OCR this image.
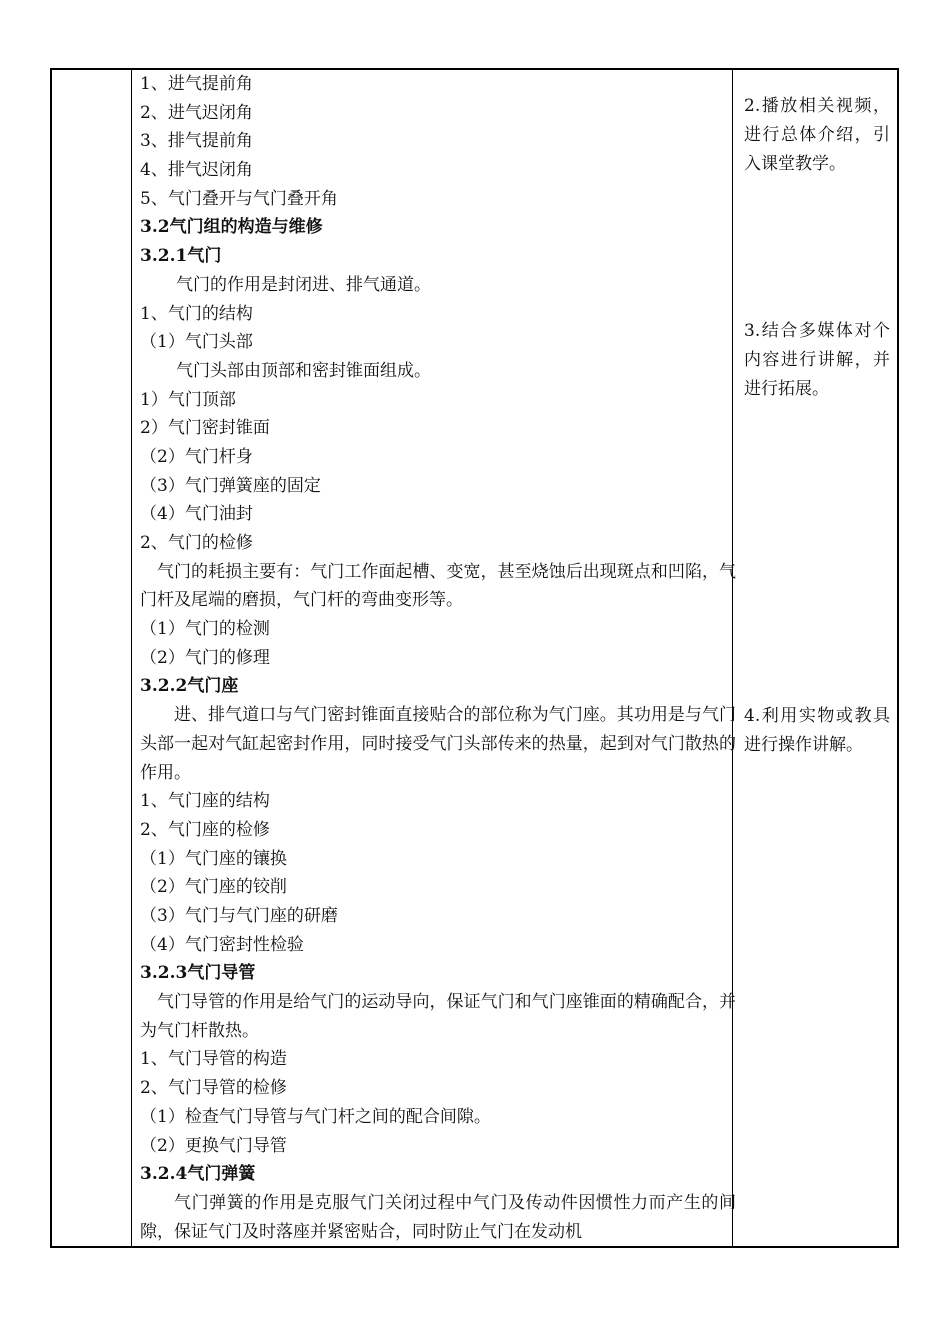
1、进气提前角
2、进气迟闭角
3、排气提前角
4、排气迟闭角
5、气门叠开与气门叠开角
3.2气门组的构造与维修
3.2.1气门
气门的作用是封闭进、排气通道。
1、气门的结构
（1）气门头部
气门头部由顶部和密封锥面组成。
1）气门顶部
2）气门密封锥面
（2）气门杆身
（3）气门弹簧座的固定
（4）气门油封
2、气门的检修

气门的耗损主要有：气门工作面起槽、变宽，甚至烧蚀后出现斑点和凹陷，气门杆及尾端的磨损，气门杆的弯曲变形等。

（1）气门的检测
（2）气门的修理
3.2.2气门座

进、排气道口与气门密封锥面直接贴合的部位称为气门座。其功用是与气门头部一起对气缸起密封作用，同时接受气门头部传来的热量，起到对气门散热的作用。

1、气门座的结构
2、气门座的检修
（1）气门座的镶换
（2）气门座的铰削
（3）气门与气门座的研磨
（4）气门密封性检验
3.2.3气门导管

气门导管的作用是给气门的运动导向，保证气门和气门座锥面的精确配合，并为气门杆散热。

1、气门导管的构造
2、气门导管的检修
（1）检查气门导管与气门杆之间的配合间隙。
（2）更换气门导管
3.2.4气门弹簧

气门弹簧的作用是克服气门关闭过程中气门及传动件因惯性力而产生的间隙，保证气门及时落座并紧密贴合，同时防止气门在发动机

2.播放相关视频，进行总体介绍，引入课堂教学。
3.结合多媒体对个内容进行讲解，并进行拓展。
4.利用实物或教具进行操作讲解。
